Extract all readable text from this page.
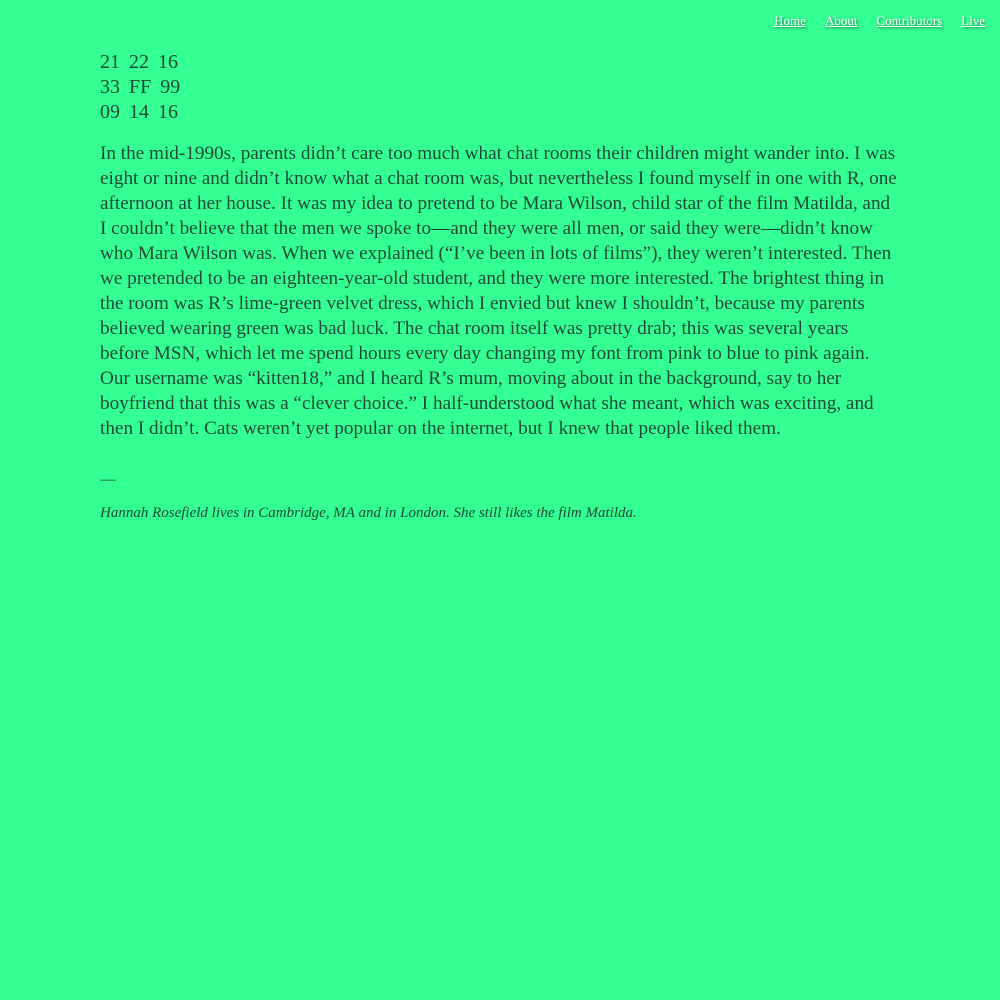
Home About Contributors Live
21 22 16
33 FF 99
09 14 16

In the mid-1990s, parents didn’t care too much what chat rooms their children might wander into. I was eight or nine and didn’t know what a chat room was, but nevertheless I found myself in one with R, one afternoon at her house. It was my idea to pretend to be Mara Wilson, child star of the film Matilda, and I couldn’t believe that the men we spoke to—and they were all men, or said they were—didn’t know who Mara Wilson was. When we explained (“I’ve been in lots of films”), they weren’t interested. Then we pretended to be an eighteen-year-old student, and they were more interested. The brightest thing in the room was R’s lime-green velvet dress, which I envied but knew I shouldn’t, because my parents believed wearing green was bad luck. The chat room itself was pretty drab; this was several years before MSN, which let me spend hours every day changing my font from pink to blue to pink again. Our username was “kitten18,” and I heard R’s mum, moving about in the background, say to her boyfriend that this was a “clever choice.” I half-understood what she meant, which was exciting, and then I didn’t. Cats weren’t yet popular on the internet, but I knew that people liked them.

—
Hannah Rosefield lives in Cambridge, MA and in London. She still likes the film Matilda.
